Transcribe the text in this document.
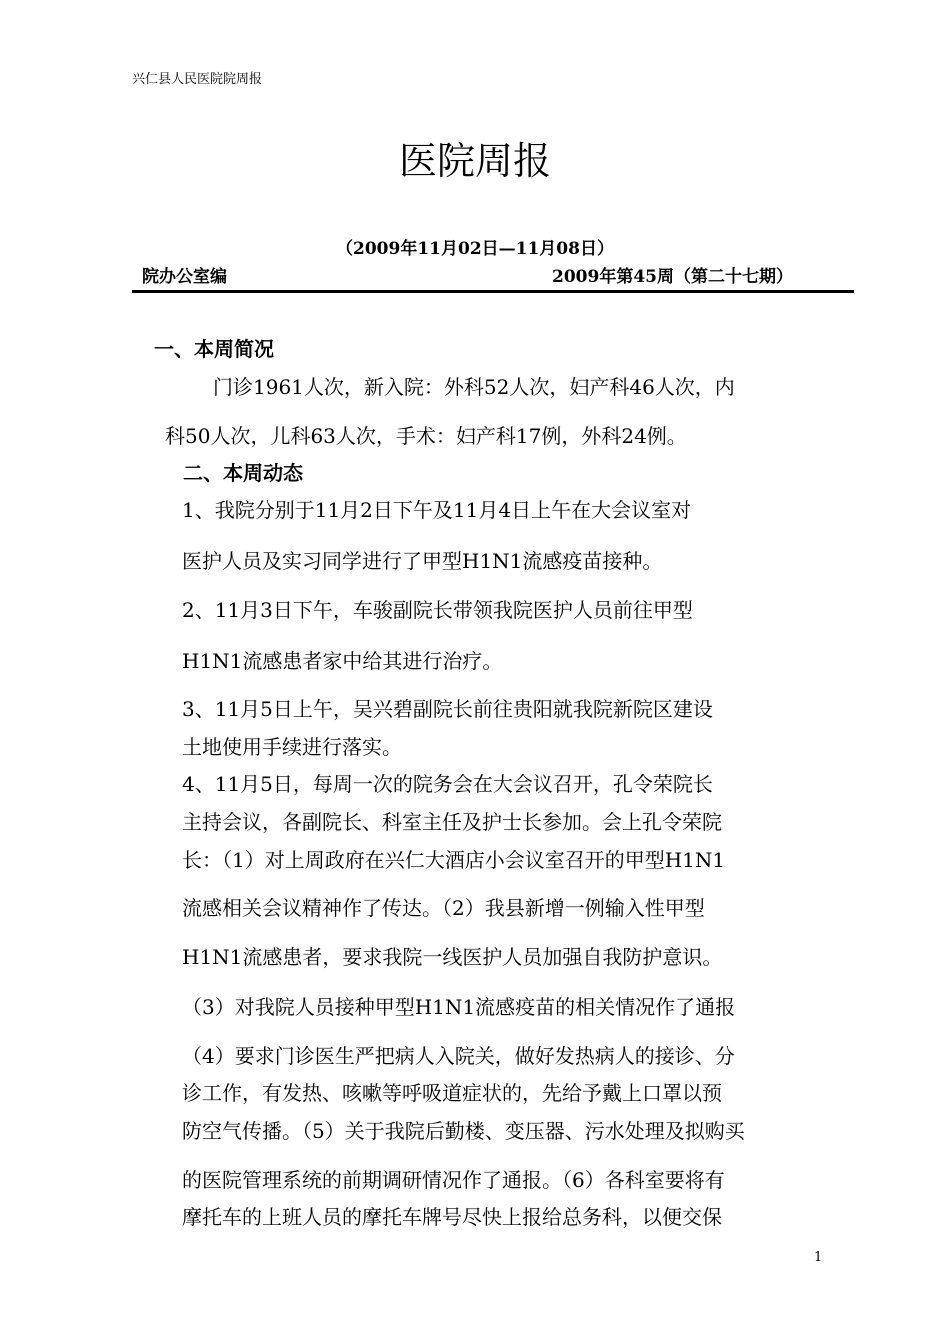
兴仁县人民医院院周报
医院周报
（2009年11月02日—11月08日）
院办公室编	2009年第45周（第二十七期）
一、本周简况
门诊1961人次，新入院：外科52人次，妇产科46人次，内
科50人次，儿科63人次，手术：妇产科17例，外科24例。
二、本周动态
1、我院分别于11月2日下午及11月4日上午在大会议室对
医护人员及实习同学进行了甲型H1N1流感疫苗接种。
2、11月3日下午，车骏副院长带领我院医护人员前往甲型
H1N1流感患者家中给其进行治疗。
3、11月5日上午，吴兴碧副院长前往贵阳就我院新院区建设
土地使用手续进行落实。
4、11月5日，每周一次的院务会在大会议召开，孔令荣院长
主持会议，各副院长、科室主任及护士长参加。会上孔令荣院
长：（1）对上周政府在兴仁大酒店小会议室召开的甲型H1N1
流感相关会议精神作了传达。（2）我县新增一例输入性甲型
H1N1流感患者，要求我院一线医护人员加强自我防护意识。
（3）对我院人员接种甲型H1N1流感疫苗的相关情况作了通报
（4）要求门诊医生严把病人入院关，做好发热病人的接诊、分
诊工作，有发热、咳嗽等呼吸道症状的，先给予戴上口罩以预
防空气传播。（5）关于我院后勤楼、变压器、污水处理及拟购买
的医院管理系统的前期调研情况作了通报。（6）各科室要将有
摩托车的上班人员的摩托车牌号尽快上报给总务科，以便交保
1
